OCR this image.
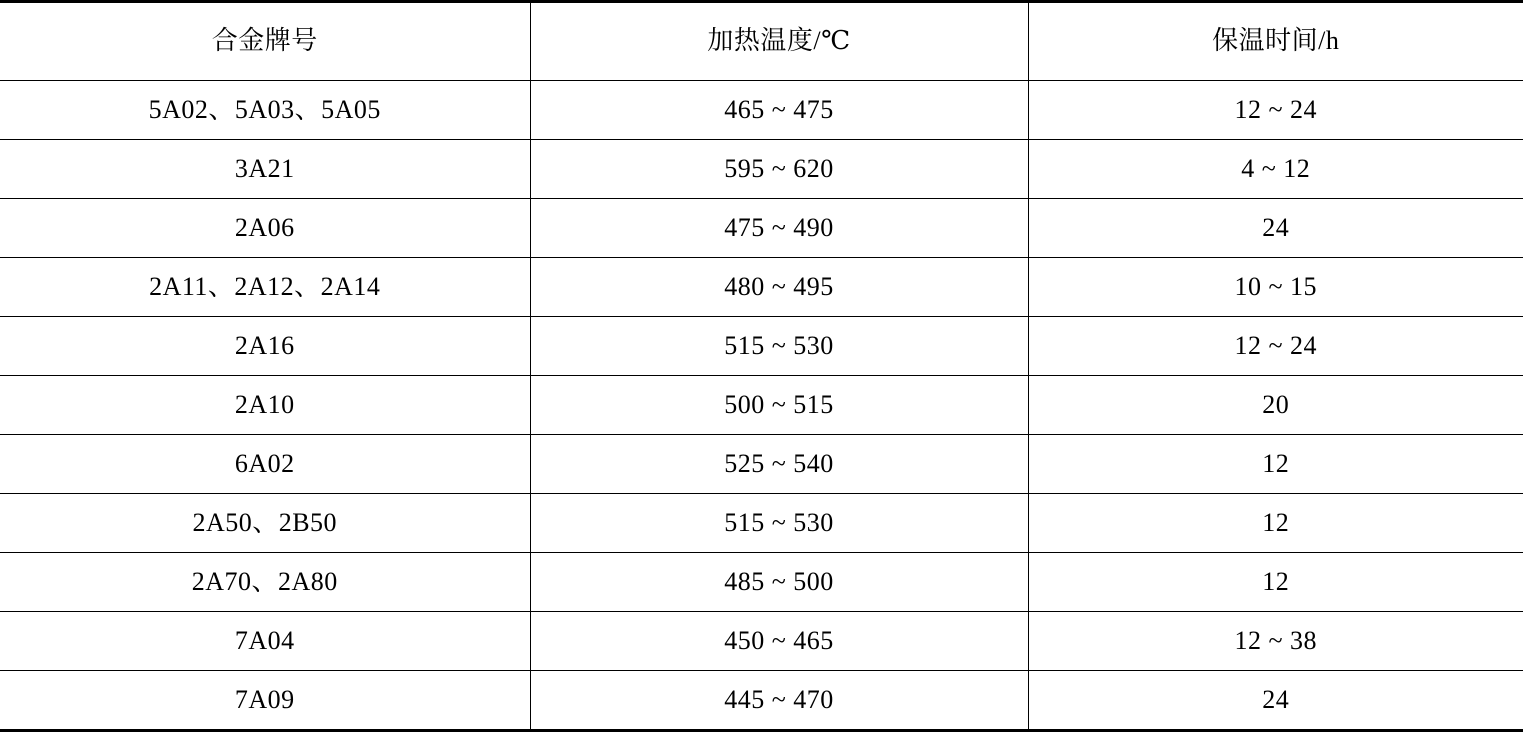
合金牌号	加热温度/℃	保温时间/h
5A02、5A03、5A05	465 ~ 475	12 ~ 24
3A21	595 ~ 620	4 ~ 12
2A06	475 ~ 490	24
2A11、2A12、2A14	480 ~ 495	10 ~ 15
2A16	515 ~ 530	12 ~ 24
2A10	500 ~ 515	20
6A02	525 ~ 540	12
2A50、2B50	515 ~ 530	12
2A70、2A80	485 ~ 500	12
7A04	450 ~ 465	12 ~ 38
7A09	445 ~ 470	24
